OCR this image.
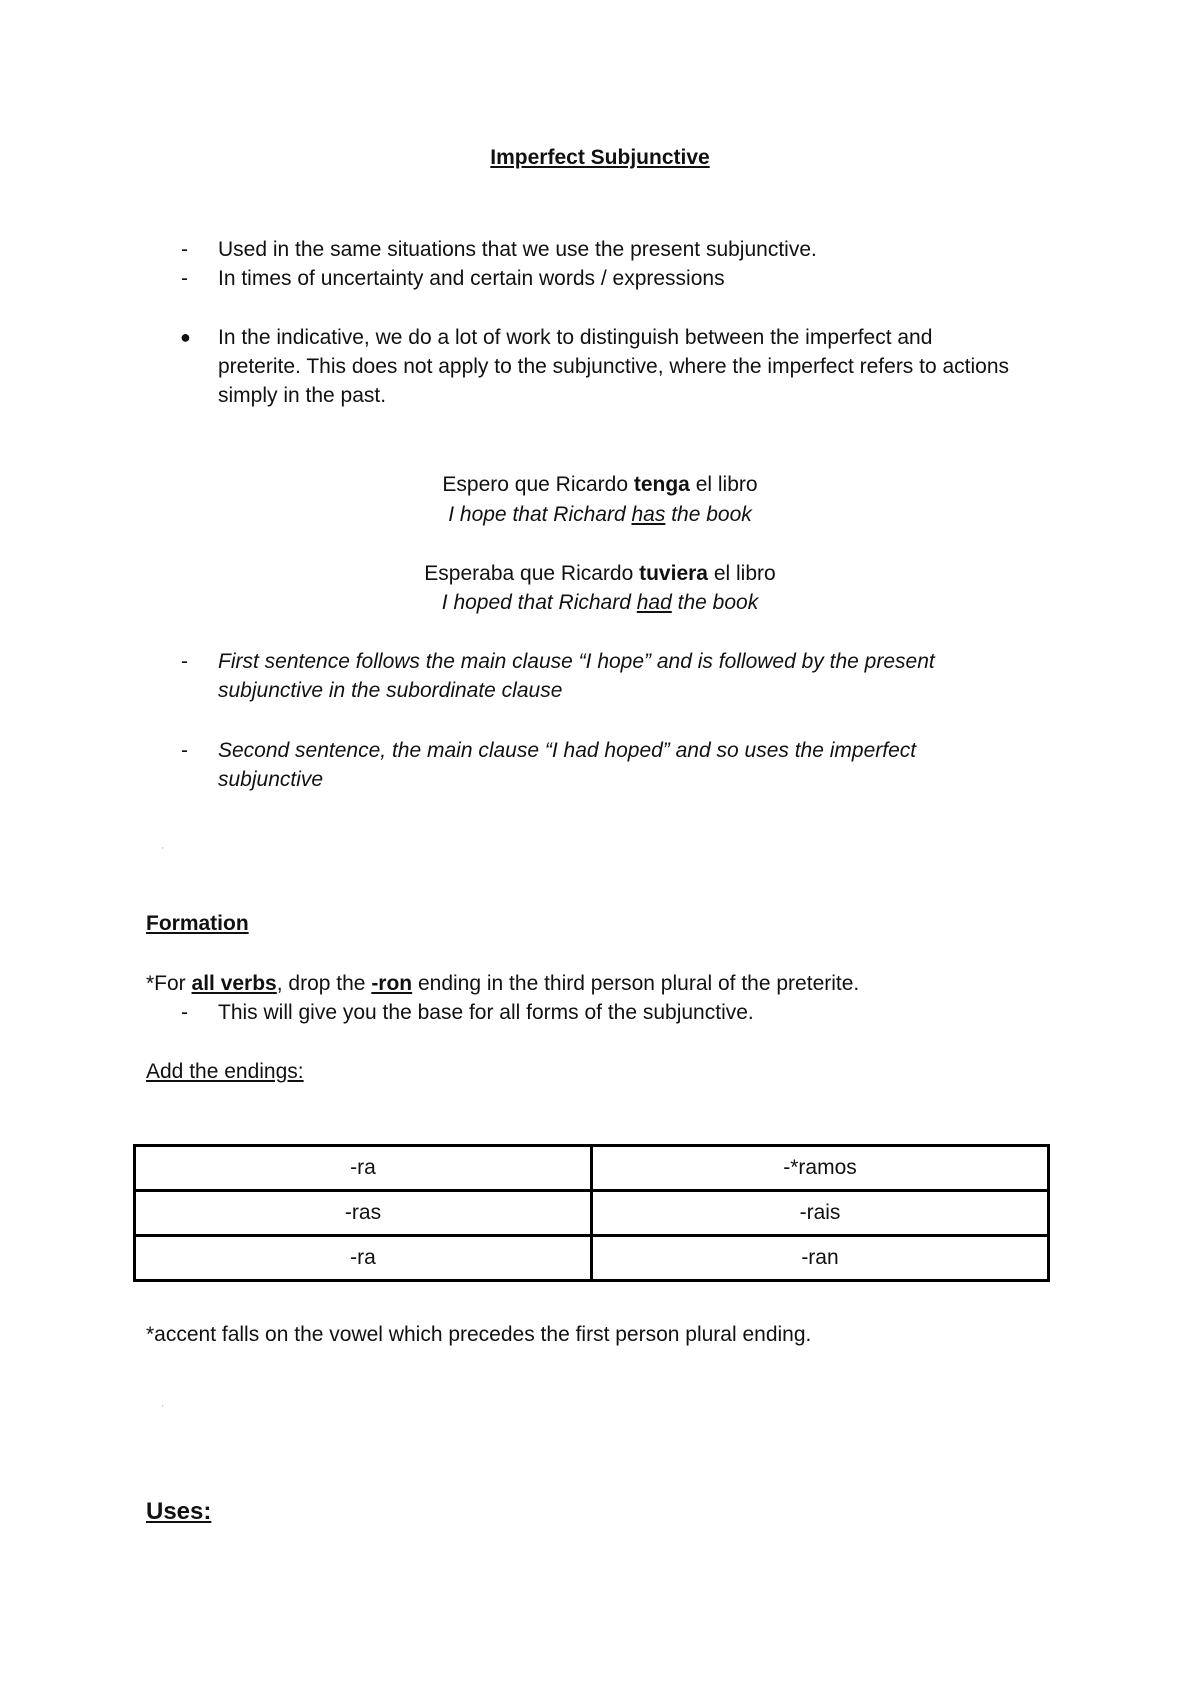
Imperfect Subjunctive
- Used in the same situations that we use the present subjunctive.
- In times of uncertainty and certain words / expressions
● In the indicative, we do a lot of work to distinguish between the imperfect and
preterite. This does not apply to the subjunctive, where the imperfect refers to actions
simply in the past.
Espero que Ricardo tenga el libro
I hope that Richard has the book
Esperaba que Ricardo tuviera el libro
I hoped that Richard had the book
- First sentence follows the main clause “I hope” and is followed by the present
subjunctive in the subordinate clause
- Second sentence, the main clause “I had hoped” and so uses the imperfect
subjunctive
'
Formation
*For all verbs, drop the -ron ending in the third person plural of the preterite.
- This will give you the base for all forms of the subjunctive.
Add the endings:
-ra	-*ramos
-ras	-rais
-ra	-ran
*accent falls on the vowel which precedes the first person plural ending.
'
Uses:
